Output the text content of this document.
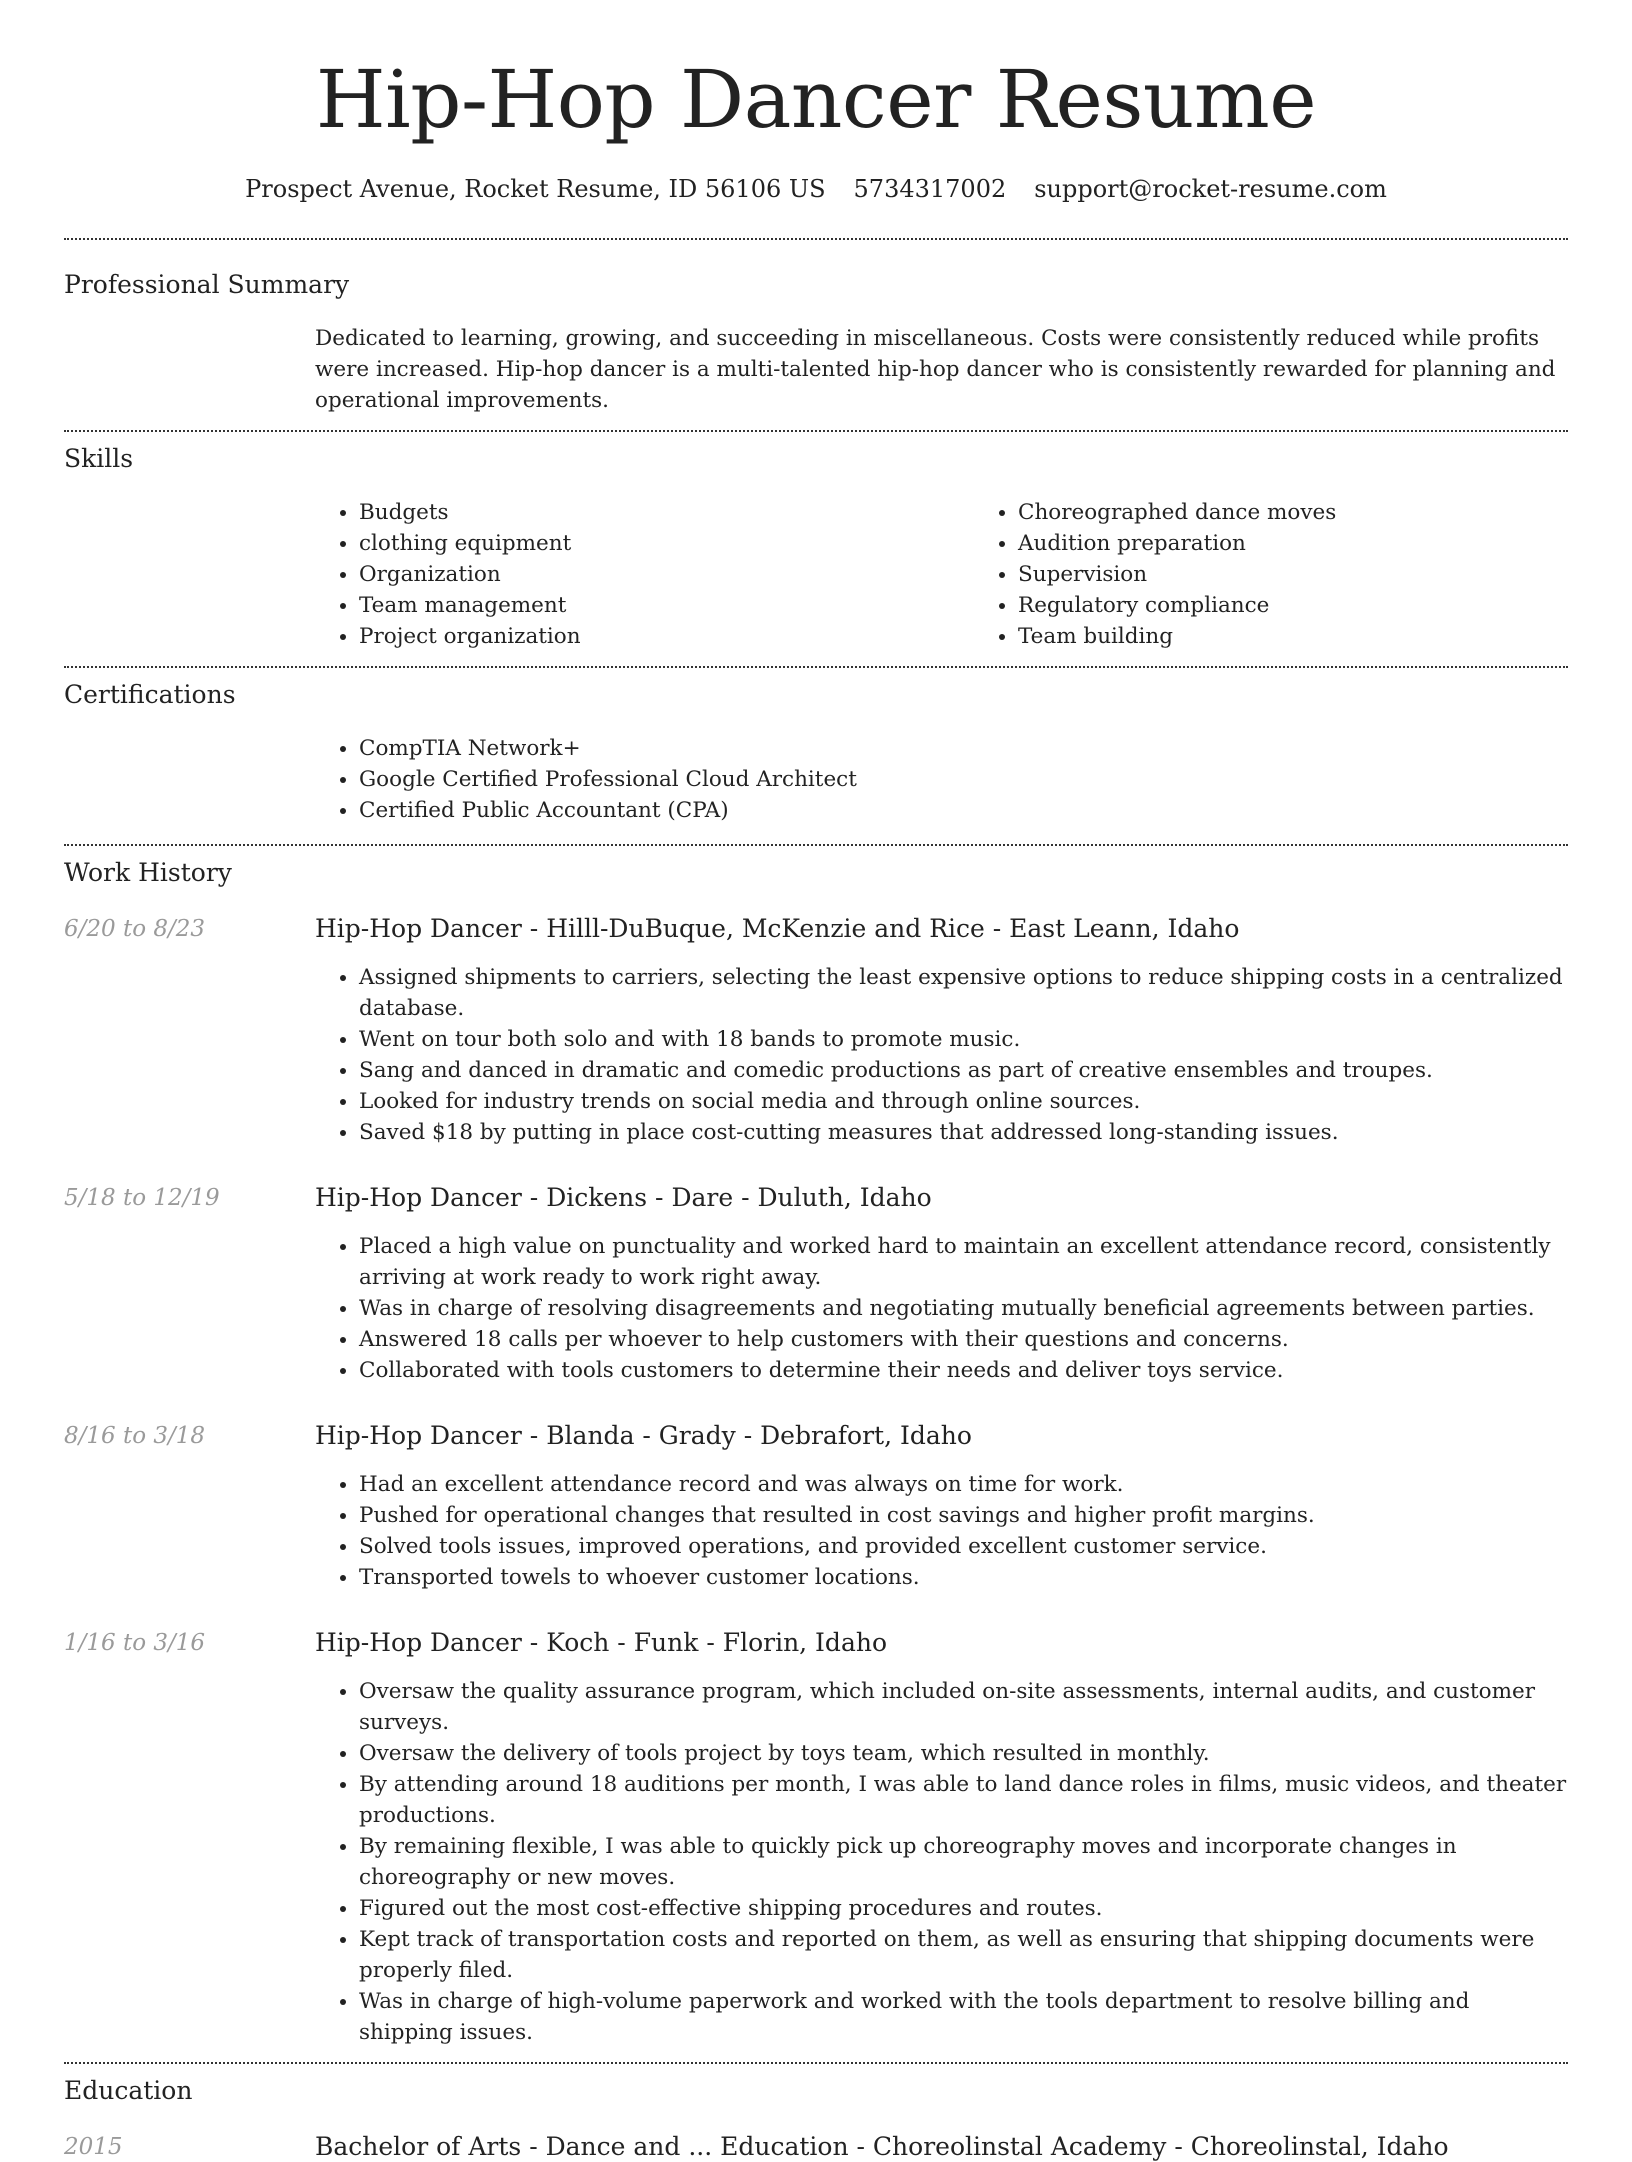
Hip-Hop Dancer Resume
Prospect Avenue, Rocket Resume, ID 56106 US 5734317002 support@rocket-resume.com
Professional Summary
Dedicated to learning, growing, and succeeding in miscellaneous. Costs were consistently reduced while profits were increased. Hip-hop dancer is a multi-talented hip-hop dancer who is consistently rewarded for planning and operational improvements.
Skills
• Budgets
• clothing equipment
• Organization
• Team management
• Project organization
• Choreographed dance moves
• Audition preparation
• Supervision
• Regulatory compliance
• Team building
Certifications
• CompTIA Network+
• Google Certified Professional Cloud Architect
• Certified Public Accountant (CPA)
Work History
6/20 to 8/23	Hip-Hop Dancer - Hilll-DuBuque, McKenzie and Rice - East Leann, Idaho
• Assigned shipments to carriers, selecting the least expensive options to reduce shipping costs in a centralized database.
• Went on tour both solo and with 18 bands to promote music.
• Sang and danced in dramatic and comedic productions as part of creative ensembles and troupes.
• Looked for industry trends on social media and through online sources.
• Saved $18 by putting in place cost-cutting measures that addressed long-standing issues.
5/18 to 12/19	Hip-Hop Dancer - Dickens - Dare - Duluth, Idaho
• Placed a high value on punctuality and worked hard to maintain an excellent attendance record, consistently arriving at work ready to work right away.
• Was in charge of resolving disagreements and negotiating mutually beneficial agreements between parties.
• Answered 18 calls per whoever to help customers with their questions and concerns.
• Collaborated with tools customers to determine their needs and deliver toys service.
8/16 to 3/18	Hip-Hop Dancer - Blanda - Grady - Debrafort, Idaho
• Had an excellent attendance record and was always on time for work.
• Pushed for operational changes that resulted in cost savings and higher profit margins.
• Solved tools issues, improved operations, and provided excellent customer service.
• Transported towels to whoever customer locations.
1/16 to 3/16	Hip-Hop Dancer - Koch - Funk - Florin, Idaho
• Oversaw the quality assurance program, which included on-site assessments, internal audits, and customer surveys.
• Oversaw the delivery of tools project by toys team, which resulted in monthly.
• By attending around 18 auditions per month, I was able to land dance roles in films, music videos, and theater productions.
• By remaining flexible, I was able to quickly pick up choreography moves and incorporate changes in choreography or new moves.
• Figured out the most cost-effective shipping procedures and routes.
• Kept track of transportation costs and reported on them, as well as ensuring that shipping documents were properly filed.
• Was in charge of high-volume paperwork and worked with the tools department to resolve billing and shipping issues.
Education
2015	Bachelor of Arts - Dance and ... Education - Choreolinstal Academy - Choreolinstal, Idaho
